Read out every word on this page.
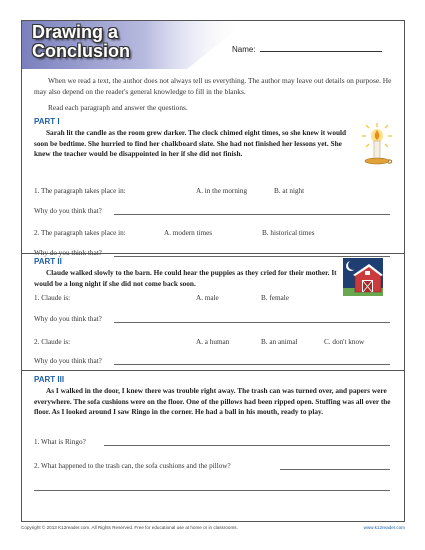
Drawing a
Conclusion	Name:

When we read a text, the author does not always tell us everything. The author may leave out details on purpose. He may also depend on the reader's general knowledge to fill in the blanks.

Read each paragraph and answer the questions.

PART I
Sarah lit the candle as the room grew darker. The clock chimed eight times, so she knew it would soon be bedtime. She hurried to find her chalkboard slate. She had not finished her lessons yet. She knew the teacher would be disappointed in her if she did not finish.
1. The paragraph takes place in:	A. in the morning	B. at night
Why do you think that?
2. The paragraph takes place in:	A. modern times	B. historical times
Why do you think that?
PART II
Claude walked slowly to the barn. He could hear the puppies as they cried for their mother. It would be a long night if she did not come back soon.
1. Claude is:	A. male	B. female
Why do you think that?
2. Claude is:	A. a human	B. an animal	C. don't know
Why do you think that?
PART III
As I walked in the door, I knew there was trouble right away. The trash can was turned over, and papers were everywhere. The sofa cushions were on the floor. One of the pillows had been ripped open. Stuffing was all over the floor. As I looked around I saw Ringo in the corner. He had a ball in his mouth, ready to play.
1. What is Ringo?
2. What happened to the trash can, the sofa cushions and the pillow?
Copyright © 2013 K12reader.com. All Rights Reserved. Free for educational use at home or in classrooms.	www.k12reader.com
